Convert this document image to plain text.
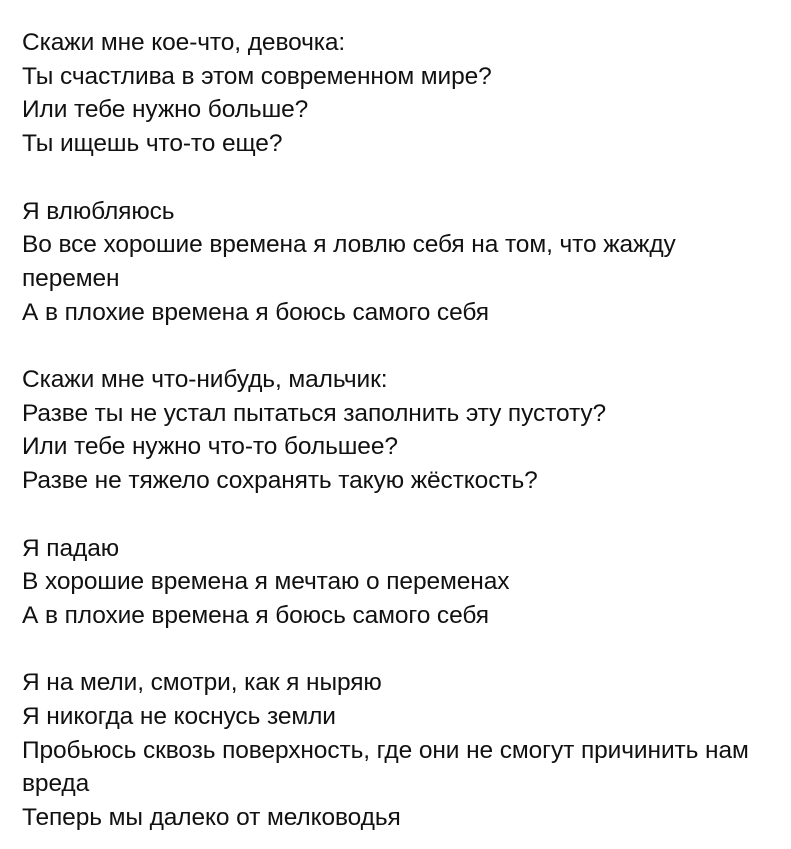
Скажи мне кое-что, девочка:
Ты счастлива в этом современном мире?
Или тебе нужно больше?
Ты ищешь что-то еще?
Я влюбляюсь
Во все хорошие времена я ловлю себя на том, что жажду перемен
А в плохие времена я боюсь самого себя
Скажи мне что-нибудь, мальчик:
Разве ты не устал пытаться заполнить эту пустоту?
Или тебе нужно что-то большее?
Разве не тяжело сохранять такую жёсткость?
Я падаю
В хорошие времена я мечтаю о переменах
А в плохие времена я боюсь самого себя
Я на мели, смотри, как я ныряю
Я никогда не коснусь земли
Пробьюсь сквозь поверхность, где они не смогут причинить нам вреда
Теперь мы далеко от мелководья
